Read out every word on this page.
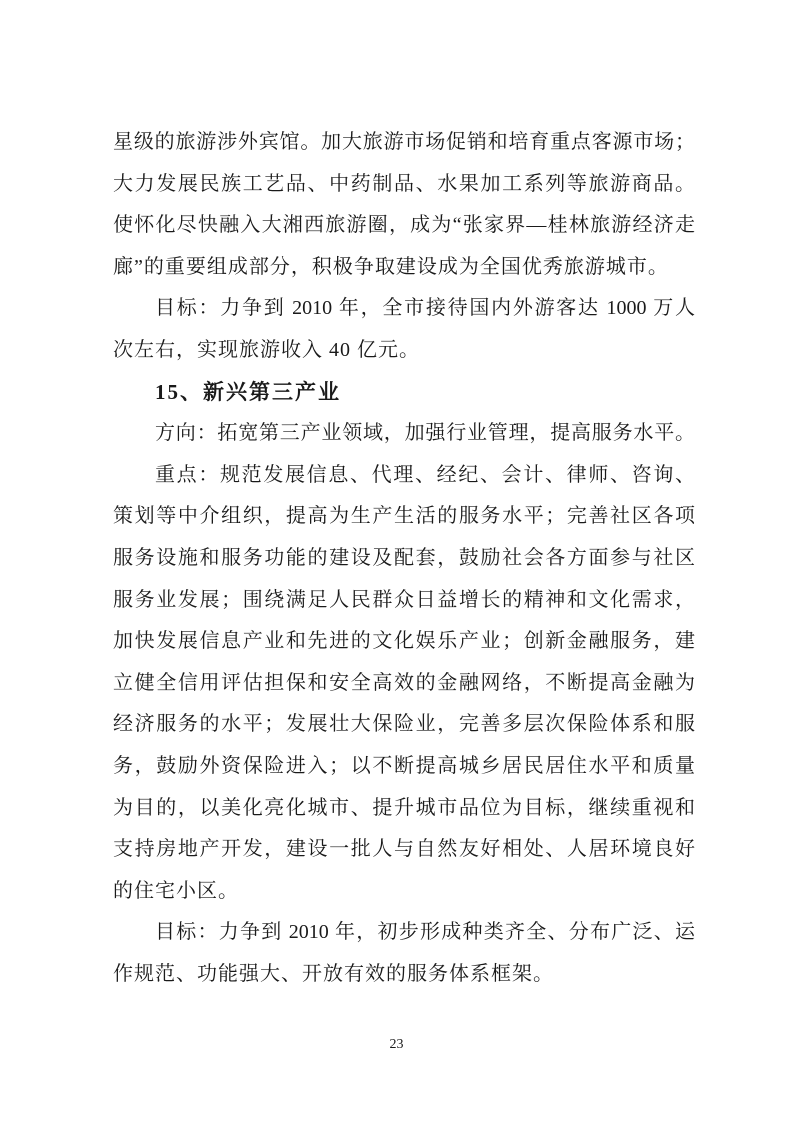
星级的旅游涉外宾馆。加大旅游市场促销和培育重点客源市场；
大力发展民族工艺品、中药制品、水果加工系列等旅游商品。
使怀化尽快融入大湘西旅游圈，成为“张家界—桂林旅游经济走
廊”的重要组成部分，积极争取建设成为全国优秀旅游城市。
目标：力争到 2010 年，全市接待国内外游客达 1000 万人
次左右，实现旅游收入 40 亿元。
15、新兴第三产业
方向：拓宽第三产业领域，加强行业管理，提高服务水平。
重点：规范发展信息、代理、经纪、会计、律师、咨询、
策划等中介组织，提高为生产生活的服务水平；完善社区各项
服务设施和服务功能的建设及配套，鼓励社会各方面参与社区
服务业发展；围绕满足人民群众日益增长的精神和文化需求，
加快发展信息产业和先进的文化娱乐产业；创新金融服务，建
立健全信用评估担保和安全高效的金融网络，不断提高金融为
经济服务的水平；发展壮大保险业，完善多层次保险体系和服
务，鼓励外资保险进入；以不断提高城乡居民居住水平和质量
为目的，以美化亮化城市、提升城市品位为目标，继续重视和
支持房地产开发，建设一批人与自然友好相处、人居环境良好
的住宅小区。
目标：力争到 2010 年，初步形成种类齐全、分布广泛、运
作规范、功能强大、开放有效的服务体系框架。
23
